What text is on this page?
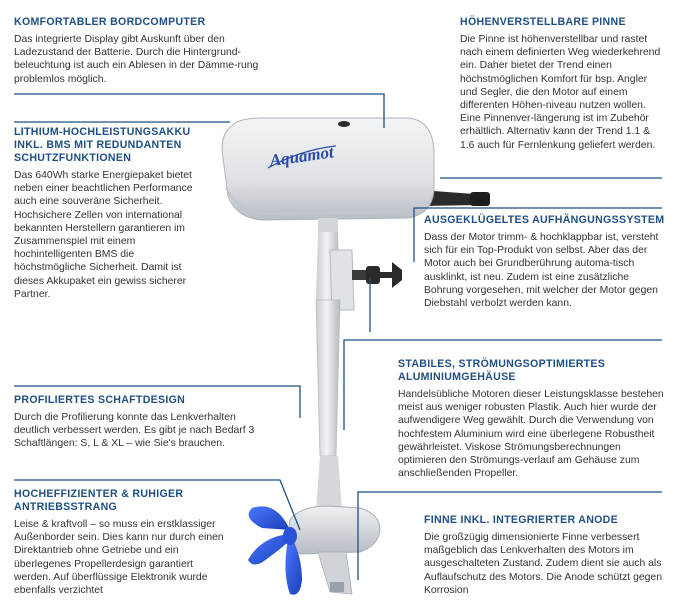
Aquamot
KOMFORTABLER BORDCOMPUTER

Das integrierte Display gibt Auskunft über den Ladezustand der Batterie. Durch die Hintergrund-beleuchtung ist auch ein Ablesen in der Dämme-rung problemlos möglich.

LITHIUM-HOCHLEISTUNGSAKKU INKL. BMS MIT REDUNDANTEN SCHUTZFUNKTIONEN

Das 640Wh starke Energiepaket bietet neben einer beachtlichen Performance auch eine souveräne Sicherheit. Hochsichere Zellen von international bekannten Herstellern garantieren im Zusammenspiel mit einem hochintelligenten BMS die höchstmögliche Sicherheit. Damit ist dieses Akkupaket ein gewiss sicherer Partner.

PROFILIERTES SCHAFTDESIGN

Durch die Profilierung konnte das Lenkverhalten deutlich verbessert werden. Es gibt je nach Bedarf 3 Schaftlängen: S, L & XL – wie Sie's brauchen.

HOCHEFFIZIENTER & RUHIGER ANTRIEBSSTRANG

Leise & kraftvoll – so muss ein erstklassiger Außenborder sein. Dies kann nur durch einen Direktantrieb ohne Getriebe und ein überlegenes Propellerdesign garantiert werden. Auf überflüssige Elektronik wurde ebenfalls verzichtet

HÖHENVERSTELLBARE PINNE

Die Pinne ist höhenverstellbar und rastet nach einem definierten Weg wiederkehrend ein. Daher bietet der Trend einen höchstmöglichen Komfort für bsp. Angler und Segler, die den Motor auf einem differenten Höhen-niveau nutzen wollen. Eine Pinnenver-längerung ist im Zubehör erhältlich. Alternativ kann der Trend 1.1 & 1.6 auch für Fernlenkung geliefert werden.

AUSGEKLÜGELTES AUFHÄNGUNGSSYSTEM

Dass der Motor trimm- & hochklappbar ist, versteht sich für ein Top-Produkt von selbst. Aber das der Motor auch bei Grundberührung automa-tisch ausklinkt, ist neu. Zudem ist eine zusätzliche Bohrung vorgesehen, mit welcher der Motor gegen Diebstahl verbolzt werden kann.

STABILES, STRÖMUNGSOPTIMIERTES ALUMINIUMGEHÄUSE

Handelsübliche Motoren dieser Leistungsklasse bestehen meist aus weniger robusten Plastik. Auch hier wurde der aufwendigere Weg gewählt. Durch die Verwendung von hochfestem Aluminium wird eine überlegene Robustheit gewährleistet. Viskose Strömungsberechnungen optimieren den Strömungs-verlauf am Gehäuse zum anschließenden Propeller.

FINNE INKL. INTEGRIERTER ANODE

Die großzügig dimensionierte Finne verbessert maßgeblich das Lenkverhalten des Motors im ausgeschalteten Zustand. Zudem dient sie auch als Auflaufschutz des Motors. Die Anode schützt gegen Korrosion
